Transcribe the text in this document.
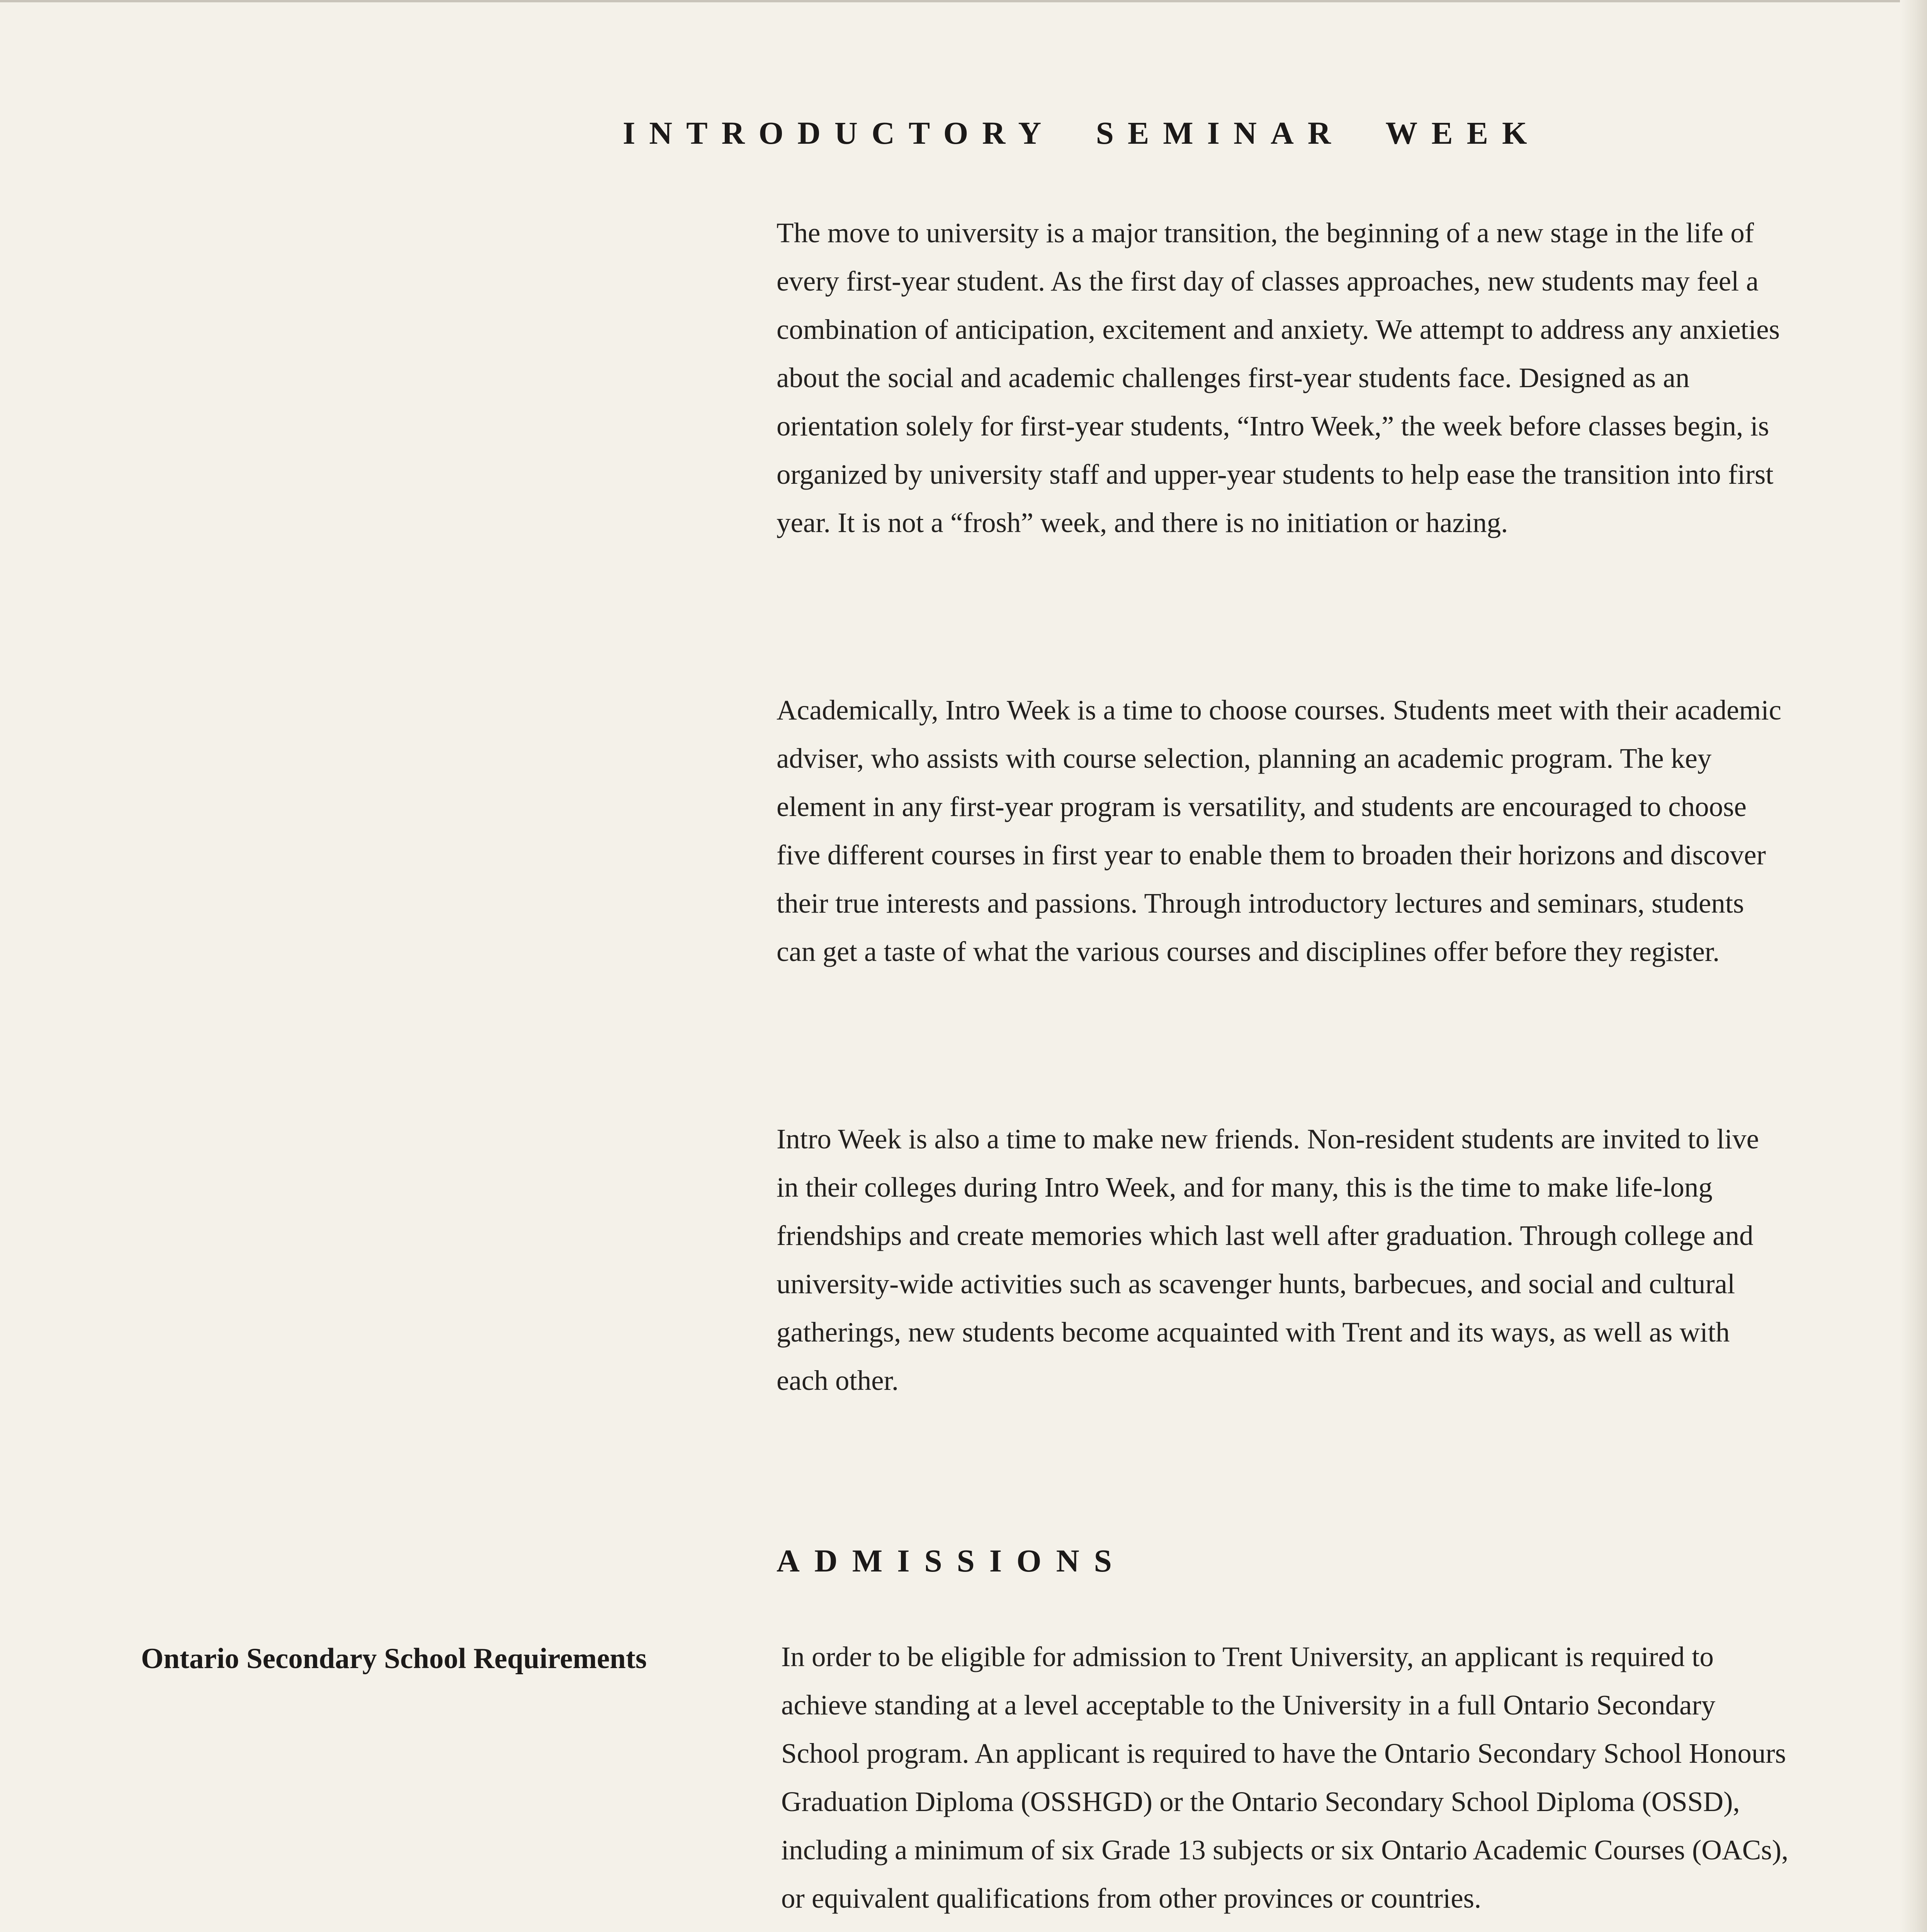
introductory seminar week

The move to university is a major transition, the beginning of a new stage in the life of every first-year student. As the first day of classes approaches, new students may feel a combination of anticipation, excitement and anxiety. We attempt to address any anxieties about the social and academic challenges first-year students face. Designed as an orientation solely for first-year students, “Intro Week,” the week before classes begin, is organized by university staff and upper-year students to help ease the transition into first year. It is not a “frosh” week, and there is no initiation or hazing.

Academically, Intro Week is a time to choose courses. Students meet with their academic adviser, who assists with course selection, planning an academic program. The key element in any first-year program is versatility, and students are encouraged to choose five different courses in first year to enable them to broaden their horizons and discover their true interests and passions. Through introductory lectures and seminars, students can get a taste of what the various courses and disciplines offer before they register.

Intro Week is also a time to make new friends. Non-resident students are invited to live in their colleges during Intro Week, and for many, this is the time to make life-long friendships and create memories which last well after graduation. Through college and university-wide activities such as scavenger hunts, barbecues, and social and cultural gatherings, new students become acquainted with Trent and its ways, as well as with each other.

admissions

Ontario Secondary School Requirements	In order to be eligible for admission to Trent University, an applicant is required to achieve standing at a level acceptable to the University in a full Ontario Secondary School program. An applicant is required to have the Ontario Secondary School Honours Graduation Diploma (OSSHGD) or the Ontario Secondary School Diploma (OSSD), including a minimum of six Grade 13 subjects or six Ontario Academic Courses (OACs), or equivalent qualifications from other provinces or countries.
